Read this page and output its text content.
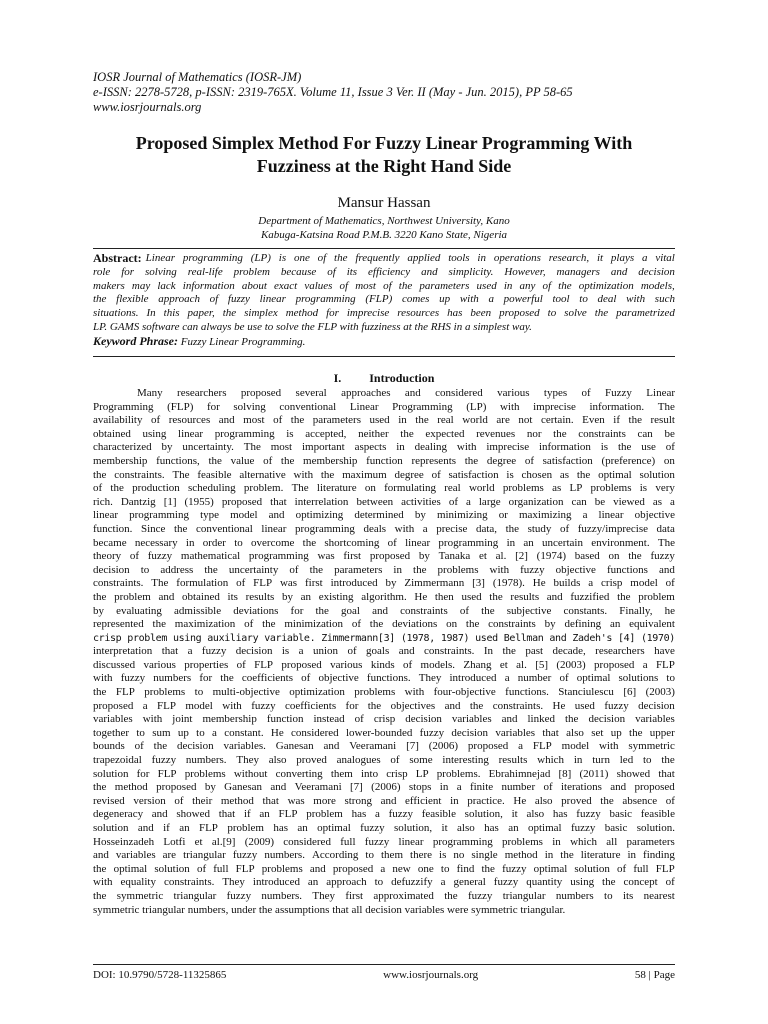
IOSR Journal of Mathematics (IOSR-JM)
e-ISSN: 2278-5728, p-ISSN: 2319-765X. Volume 11, Issue 3 Ver. II (May - Jun. 2015), PP 58-65
www.iosrjournals.org
Proposed Simplex Method For Fuzzy Linear Programming With
Fuzziness at the Right Hand Side
Mansur Hassan
Department of Mathematics, Northwest University, Kano
Kabuga-Katsina Road P.M.B. 3220 Kano State, Nigeria
Abstract: Linear programming (LP) is one of the frequently applied tools in operations research, it plays a vital
role for solving real-life problem because of its efficiency and simplicity. However, managers and decision
makers may lack information about exact values of most of the parameters used in any of the optimization models,
the flexible approach of fuzzy linear programming (FLP) comes up with a powerful tool to deal with such
situations. In this paper, the simplex method for imprecise resources has been proposed to solve the parametrized
LP. GAMS software can always be use to solve the FLP with fuzziness at the RHS in a simplest way.
Keyword Phrase: Fuzzy Linear Programming.
I. Introduction
Many researchers proposed several approaches and considered various types of Fuzzy Linear
Programming (FLP) for solving conventional Linear Programming (LP) with imprecise information. The
availability of resources and most of the parameters used in the real world are not certain. Even if the result
obtained using linear programming is accepted, neither the expected revenues nor the constraints can be
characterized by uncertainty. The most important aspects in dealing with imprecise information is the use of
membership functions, the value of the membership function represents the degree of satisfaction (preference) on
the constraints. The feasible alternative with the maximum degree of satisfaction is chosen as the optimal solution
of the production scheduling problem. The literature on formulating real world problems as LP problems is very
rich. Dantzig [1] (1955) proposed that interrelation between activities of a large organization can be viewed as a
linear programming type model and optimizing determined by minimizing or maximizing a linear objective
function. Since the conventional linear programming deals with a precise data, the study of fuzzy/imprecise data
became necessary in order to overcome the shortcoming of linear programming in an uncertain environment. The
theory of fuzzy mathematical programming was first proposed by Tanaka et al. [2] (1974) based on the fuzzy
decision to address the uncertainty of the parameters in the problems with fuzzy objective functions and
constraints. The formulation of FLP was first introduced by Zimmermann [3] (1978). He builds a crisp model of
the problem and obtained its results by an existing algorithm. He then used the results and fuzzified the problem
by evaluating admissible deviations for the goal and constraints of the subjective constants. Finally, he
represented the maximization of the minimization of the deviations on the constraints by defining an equivalent
crisp problem using auxiliary variable. Zimmermann[3] (1978, 1987) used Bellman and Zadeh's [4] (1970)
interpretation that a fuzzy decision is a union of goals and constraints. In the past decade, researchers have
discussed various properties of FLP proposed various kinds of models. Zhang et al. [5] (2003) proposed a FLP
with fuzzy numbers for the coefficients of objective functions. They introduced a number of optimal solutions to
the FLP problems to multi-objective optimization problems with four-objective functions. Stanciulescu [6] (2003)
proposed a FLP model with fuzzy coefficients for the objectives and the constraints. He used fuzzy decision
variables with joint membership function instead of crisp decision variables and linked the decision variables
together to sum up to a constant. He considered lower-bounded fuzzy decision variables that also set up the upper
bounds of the decision variables. Ganesan and Veeramani [7] (2006) proposed a FLP model with symmetric
trapezoidal fuzzy numbers. They also proved analogues of some interesting results which in turn led to the
solution for FLP problems without converting them into crisp LP problems. Ebrahimnejad [8] (2011) showed that
the method proposed by Ganesan and Veeramani [7] (2006) stops in a finite number of iterations and proposed
revised version of their method that was more strong and efficient in practice. He also proved the absence of
degeneracy and showed that if an FLP problem has a fuzzy feasible solution, it also has fuzzy basic feasible
solution and if an FLP problem has an optimal fuzzy solution, it also has an optimal fuzzy basic solution.
Hosseinzadeh Lotfi et al.[9] (2009) considered full fuzzy linear programming problems in which all parameters
and variables are triangular fuzzy numbers. According to them there is no single method in the literature in finding
the optimal solution of full FLP problems and proposed a new one to find the fuzzy optimal solution of full FLP
with equality constraints. They introduced an approach to defuzzify a general fuzzy quantity using the concept of
the symmetric triangular fuzzy numbers. They first approximated the fuzzy triangular numbers to its nearest
symmetric triangular numbers, under the assumptions that all decision variables were symmetric triangular.
DOI: 10.9790/5728-11325865	www.iosrjournals.org	58 | Page
